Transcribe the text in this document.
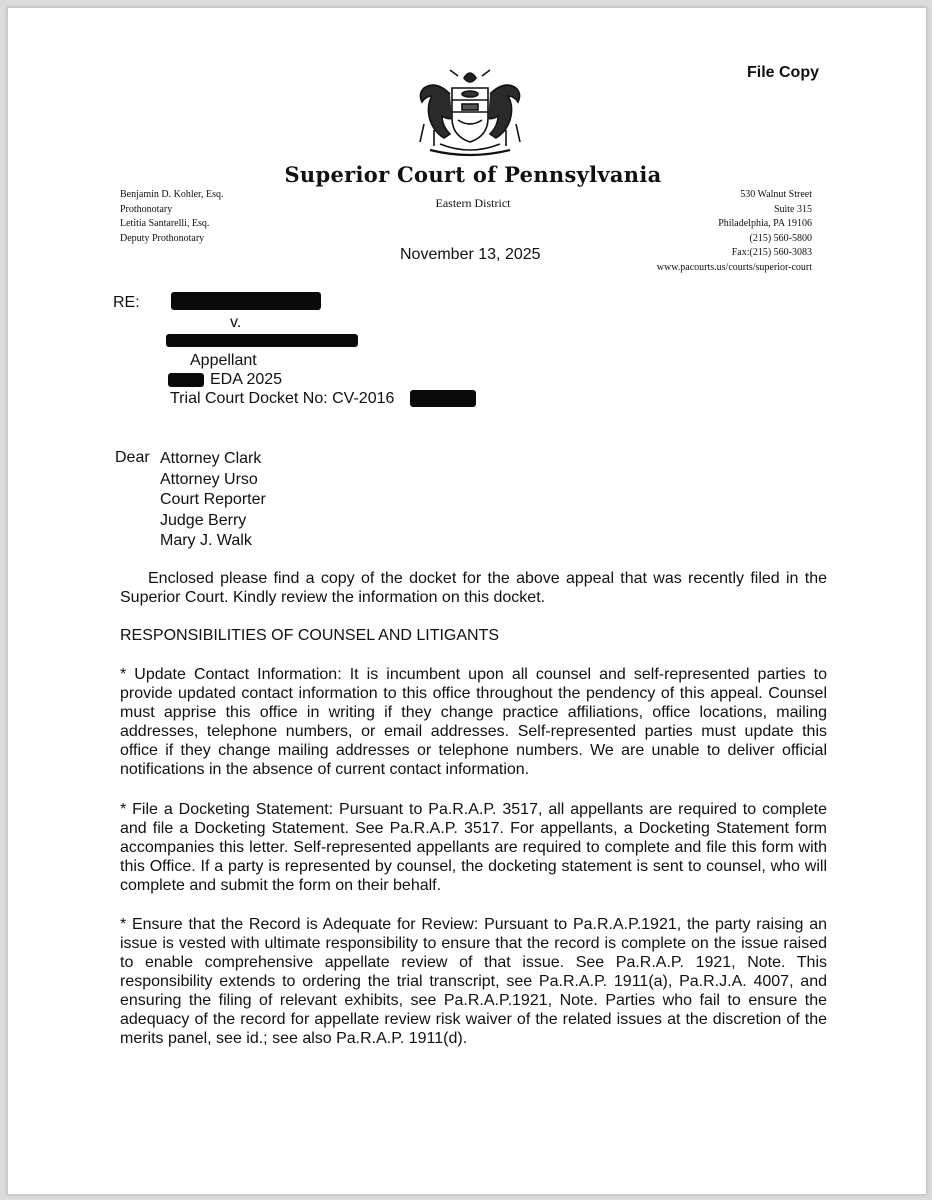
File Copy
Superior Court of Pennsylvania
Eastern District
Benjamin D. Kohler, Esq.
Prothonotary
Letitia Santarelli, Esq.
Deputy Prothonotary
530 Walnut Street
Suite 315
Philadelphia, PA 19106
(215) 560-5800
Fax:(215) 560-3083
www.pacourts.us/courts/superior-court
November 13, 2025
RE:
v.
Appellant
EDA 2025
Trial Court Docket No: CV-2016
Dear Attorney Clark
Attorney Urso
Court Reporter
Judge Berry
Mary J. Walk
Enclosed please find a copy of the docket for the above appeal that was recently filed in the Superior Court. Kindly review the information on this docket.
RESPONSIBILITIES OF COUNSEL AND LITIGANTS
* Update Contact Information: It is incumbent upon all counsel and self-represented parties to provide updated contact information to this office throughout the pendency of this appeal. Counsel must apprise this office in writing if they change practice affiliations, office locations, mailing addresses, telephone numbers, or email addresses. Self-represented parties must update this office if they change mailing addresses or telephone numbers. We are unable to deliver official notifications in the absence of current contact information.
* File a Docketing Statement: Pursuant to Pa.R.A.P. 3517, all appellants are required to complete and file a Docketing Statement. See Pa.R.A.P. 3517. For appellants, a Docketing Statement form accompanies this letter. Self-represented appellants are required to complete and file this form with this Office. If a party is represented by counsel, the docketing statement is sent to counsel, who will complete and submit the form on their behalf.
* Ensure that the Record is Adequate for Review: Pursuant to Pa.R.A.P.1921, the party raising an issue is vested with ultimate responsibility to ensure that the record is complete on the issue raised to enable comprehensive appellate review of that issue. See Pa.R.A.P. 1921, Note. This responsibility extends to ordering the trial transcript, see Pa.R.A.P. 1911(a), Pa.R.J.A. 4007, and ensuring the filing of relevant exhibits, see Pa.R.A.P.1921, Note. Parties who fail to ensure the adequacy of the record for appellate review risk waiver of the related issues at the discretion of the merits panel, see id.; see also Pa.R.A.P. 1911(d).
